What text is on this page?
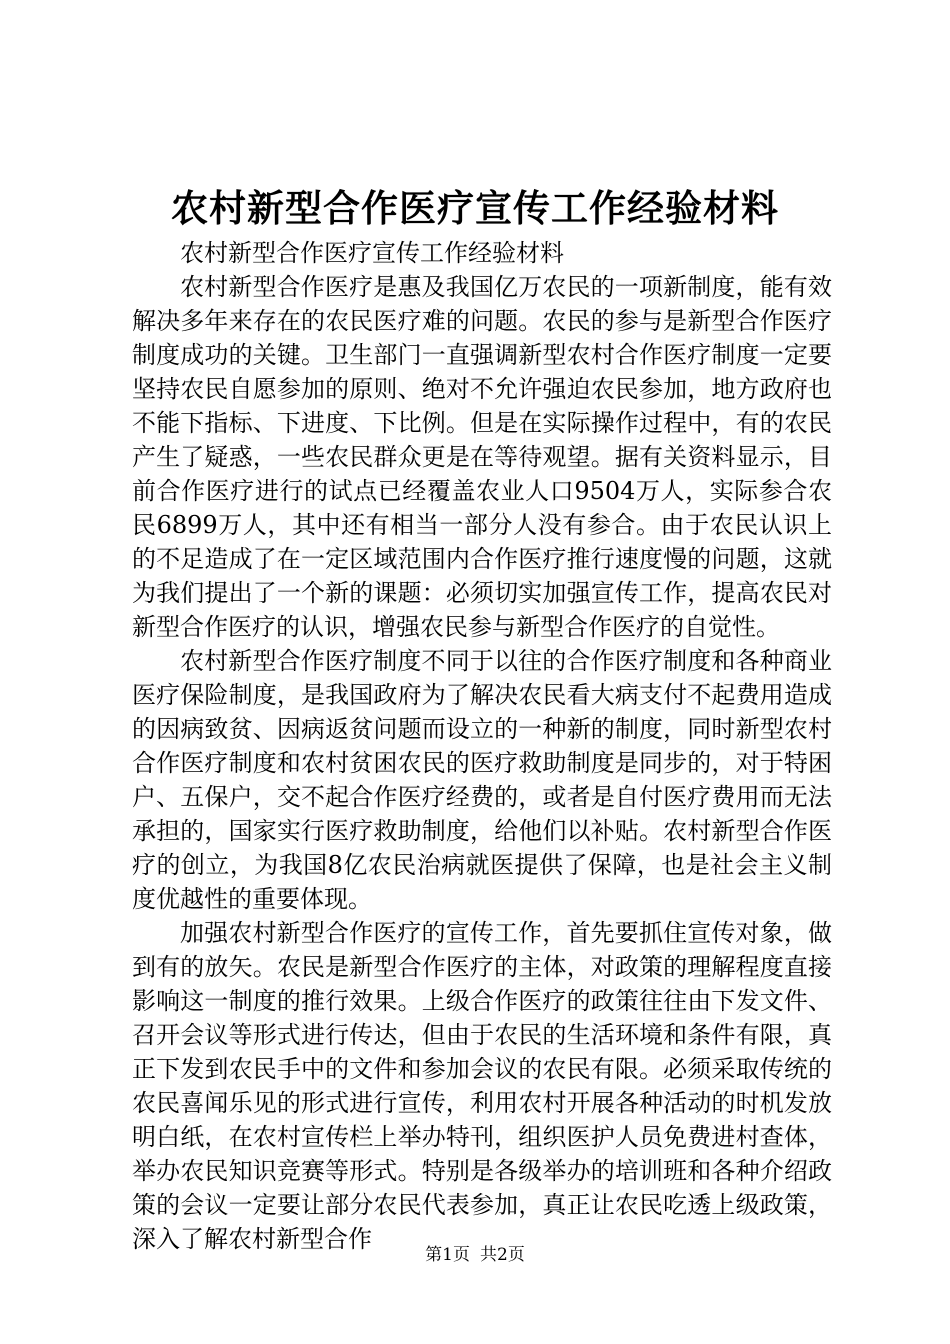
农村新型合作医疗宣传工作经验材料

农村新型合作医疗宣传工作经验材料

农村新型合作医疗是惠及我国亿万农民的一项新制度，能有效解决多年来存在的农民医疗难的问题。农民的参与是新型合作医疗制度成功的关键。卫生部门一直强调新型农村合作医疗制度一定要坚持农民自愿参加的原则、绝对不允许强迫农民参加，地方政府也不能下指标、下进度、下比例。但是在实际操作过程中，有的农民产生了疑惑，一些农民群众更是在等待观望。据有关资料显示，目前合作医疗进行的试点已经覆盖农业人口9504万人，实际参合农民6899万人，其中还有相当一部分人没有参合。由于农民认识上的不足造成了在一定区域范围内合作医疗推行速度慢的问题，这就为我们提出了一个新的课题：必须切实加强宣传工作，提高农民对新型合作医疗的认识，增强农民参与新型合作医疗的自觉性。

农村新型合作医疗制度不同于以往的合作医疗制度和各种商业医疗保险制度，是我国政府为了解决农民看大病支付不起费用造成的因病致贫、因病返贫问题而设立的一种新的制度，同时新型农村合作医疗制度和农村贫困农民的医疗救助制度是同步的，对于特困户、五保户，交不起合作医疗经费的，或者是自付医疗费用而无法承担的，国家实行医疗救助制度，给他们以补贴。农村新型合作医疗的创立，为我国8亿农民治病就医提供了保障，也是社会主义制度优越性的重要体现。

加强农村新型合作医疗的宣传工作，首先要抓住宣传对象，做到有的放矢。农民是新型合作医疗的主体，对政策的理解程度直接影响这一制度的推行效果。上级合作医疗的政策往往由下发文件、召开会议等形式进行传达，但由于农民的生活环境和条件有限，真正下发到农民手中的文件和参加会议的农民有限。必须采取传统的农民喜闻乐见的形式进行宣传，利用农村开展各种活动的时机发放明白纸，在农村宣传栏上举办特刊，组织医护人员免费进村查体，举办农民知识竞赛等形式。特别是各级举办的培训班和各种介绍政策的会议一定要让部分农民代表参加，真正让农民吃透上级政策，深入了解农村新型合作

第1页 共2页
